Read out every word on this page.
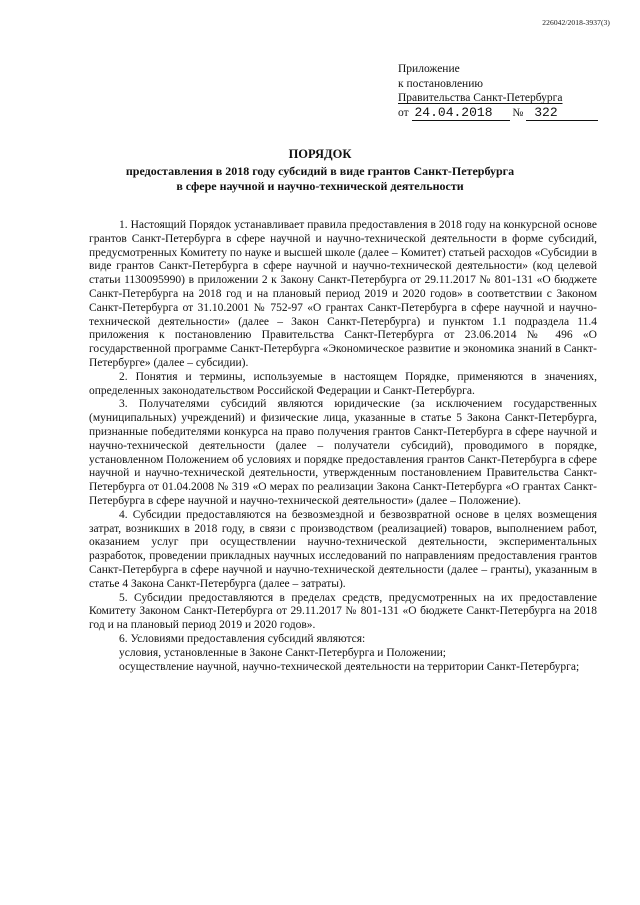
226042/2018-3937(3)
Приложение
к постановлению
Правительства Санкт-Петербурга
от 24.04.2018 № 322
ПОРЯДОК
предоставления в 2018 году субсидий в виде грантов Санкт-Петербурга
в сфере научной и научно-технической деятельности

1. Настоящий Порядок устанавливает правила предоставления в 2018 году на конкурсной основе грантов Санкт-Петербурга в сфере научной и научно-технической деятельности в форме субсидий, предусмотренных Комитету по науке и высшей школе (далее – Комитет) статьей расходов «Субсидии в виде грантов Санкт-Петербурга в сфере научной и научно-технической деятельности» (код целевой статьи 1130095990) в приложении 2 к Закону Санкт-Петербурга от 29.11.2017 № 801-131 «О бюджете Санкт-Петербурга на 2018 год и на плановый период 2019 и 2020 годов» в соответствии с Законом Санкт-Петербурга от 31.10.2001 № 752-97 «О грантах Санкт-Петербурга в сфере научной и научно-технической деятельности» (далее – Закон Санкт-Петербурга) и пунктом 1.1 подраздела 11.4 приложения к постановлению Правительства Санкт-Петербурга от 23.06.2014 № 496 «О государственной программе Санкт-Петербурга «Экономическое развитие и экономика знаний в Санкт-Петербурге» (далее – субсидии).

2. Понятия и термины, используемые в настоящем Порядке, применяются в значениях, определенных законодательством Российской Федерации и Санкт-Петербурга.

3. Получателями субсидий являются юридические (за исключением государственных (муниципальных) учреждений) и физические лица, указанные в статье 5 Закона Санкт-Петербурга, признанные победителями конкурса на право получения грантов Санкт-Петербурга в сфере научной и научно-технической деятельности (далее – получатели субсидий), проводимого в порядке, установленном Положением об условиях и порядке предоставления грантов Санкт-Петербурга в сфере научной и научно-технической деятельности, утвержденным постановлением Правительства Санкт-Петербурга от 01.04.2008 № 319 «О мерах по реализации Закона Санкт-Петербурга «О грантах Санкт-Петербурга в сфере научной и научно-технической деятельности» (далее – Положение).

4. Субсидии предоставляются на безвозмездной и безвозвратной основе в целях возмещения затрат, возникших в 2018 году, в связи с производством (реализацией) товаров, выполнением работ, оказанием услуг при осуществлении научно-технической деятельности, экспериментальных разработок, проведении прикладных научных исследований по направлениям предоставления грантов Санкт-Петербурга в сфере научной и научно-технической деятельности (далее – гранты), указанным в статье 4 Закона Санкт-Петербурга (далее – затраты).

5. Субсидии предоставляются в пределах средств, предусмотренных на их предоставление Комитету Законом Санкт-Петербурга от 29.11.2017 № 801-131 «О бюджете Санкт-Петербурга на 2018 год и на плановый период 2019 и 2020 годов».

6. Условиями предоставления субсидий являются:

условия, установленные в Законе Санкт-Петербурга и Положении;

осуществление научной, научно-технической деятельности на территории Санкт-Петербурга;
